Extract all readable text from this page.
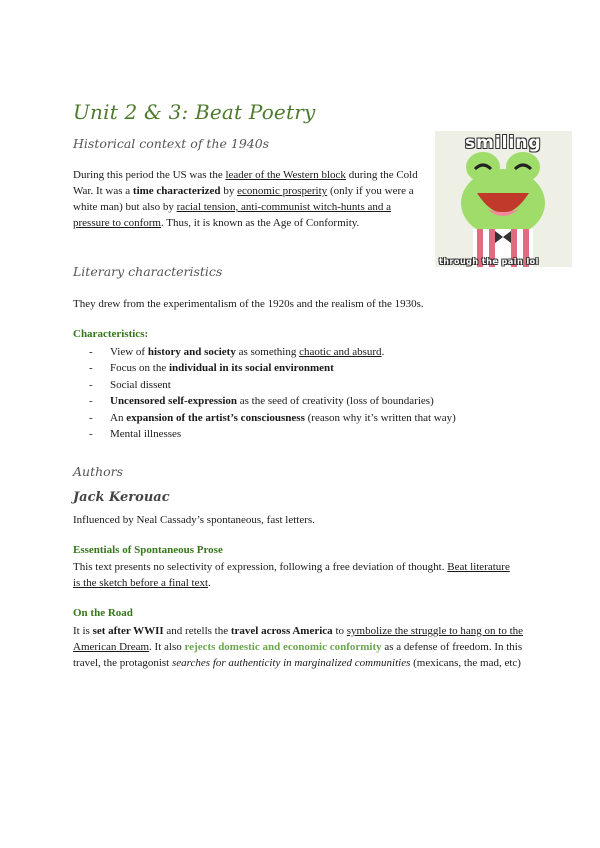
Unit 2 & 3: Beat Poetry
Historical context of the 1940s

During this period the US was the leader of the Western block during the Cold War. It was a time characterized by economic prosperity (only if you were a white man) but also by racial tension, anti-communist witch-hunts and a pressure to conform. Thus, it is known as the Age of Conformity.

smiling
through the pain lol
Literary characteristics

They drew from the experimentalism of the 1920s and the realism of the 1930s.

Characteristics:

- View of history and society as something chaotic and absurd.
- Focus on the individual in its social environment
- Social dissent
- Uncensored self-expression as the seed of creativity (loss of boundaries)
- An expansion of the artist’s consciousness (reason why it’s written that way)
- Mental illnesses
Authors
Jack Kerouac

Influenced by Neal Cassady’s spontaneous, fast letters.

Essentials of Spontaneous Prose

This text presents no selectivity of expression, following a free deviation of thought. Beat literature is the sketch before a final text.

On the Road

It is set after WWII and retells the travel across America to symbolize the struggle to hang on to the American Dream. It also rejects domestic and economic conformity as a defense of freedom. In this travel, the protagonist searches for authenticity in marginalized communities (mexicans, the mad, etc)
